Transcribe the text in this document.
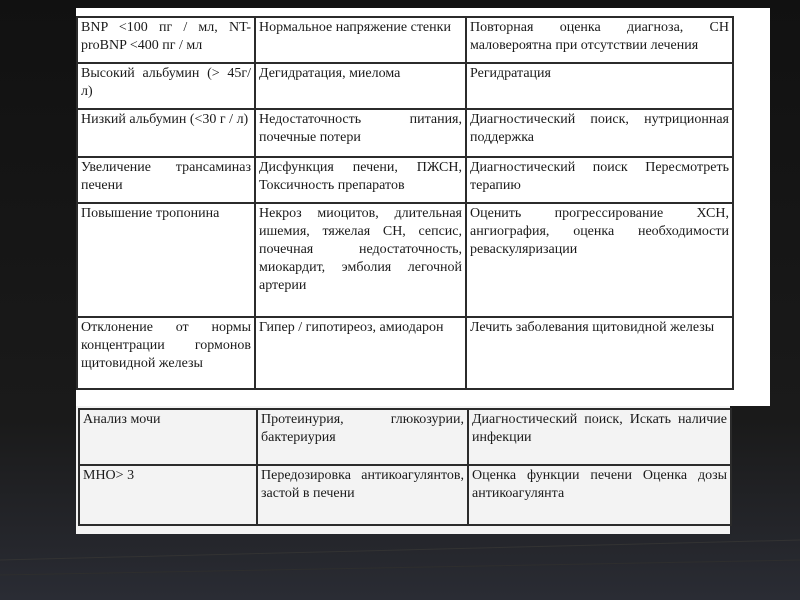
BNP <100 пг / мл, NT-proBNP <400 пг / мл	Нормальное напряжение стенки	Повторная оценка диагноза, СН маловероятна при отсутствии лечения
Высокий альбумин (> 45г/ л)	Дегидратация, миелома	Регидратация
Низкий альбумин (<30 г / л)	Недостаточность питания, почечные потери	Диагностический поиск, нутриционная поддержка
Увеличение трансаминаз печени	Дисфункция печени, ПЖСН, Токсичность препаратов	Диагностический поиск Пересмотреть терапию
Повышение тропонина	Некроз миоцитов, длительная ишемия, тяжелая СН, сепсис, почечная недостаточность, миокардит, эмболия легочной артерии	Оценить прогрессирование ХСН, ангиография, оценка необходимости реваскуляризации
Отклонение от нормы концентрации гормонов щитовидной железы	Гипер / гипотиреоз, амиодарон	Лечить заболевания щитовидной железы
Анализ мочи	Протеинурия, глюкозурии, бактериурия	Диагностический поиск, Искать наличие инфекции
МНО> 3	Передозировка антикоагулянтов, застой в печени	Оценка функции печени Оценка дозы антикоагулянта
